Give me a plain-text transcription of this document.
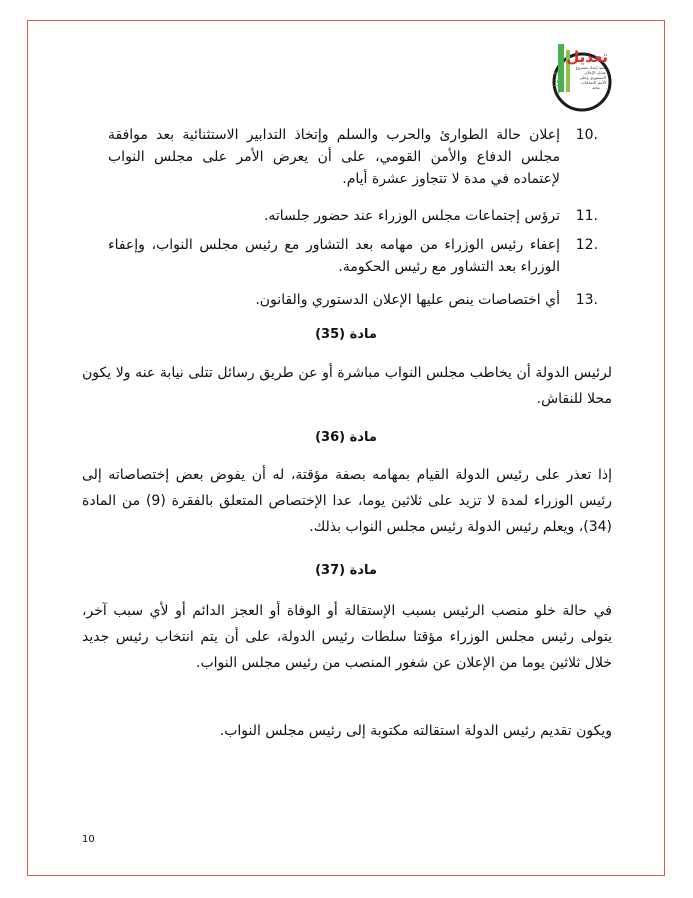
تعديل
انتخاب
لجنة إعداد مشروع
تعديل الإعلان
الدستوري وعلى
الأمم الانتخابات
عامة
10.
إعلان حالة الطوارئ والحرب والسلم وإتخاذ التدابير الاستثنائية بعد موافقة مجلس الدفاع والأمن القومي، على أن يعرض الأمر على مجلس النواب لإعتماده في مدة لا تتجاوز عشرة أيام.
11.
ترؤس إجتماعات مجلس الوزراء عند حضور جلساته.
12.
إعفاء رئيس الوزراء من مهامه بعد التشاور مع رئيس مجلس النواب، وإعفاء الوزراء بعد التشاور مع رئيس الحكومة.
13.
أي اختصاصات ينص عليها الإعلان الدستوري والقانون.
مادة (35)
لرئيس الدولة أن يخاطب مجلس النواب مباشرة أو عن طريق رسائل تتلى نيابة عنه ولا يكون محلا للنقاش.
مادة (36)
إذا تعذر على رئيس الدولة القيام بمهامه بصفة مؤقتة، له أن يفوض بعض إختصاصاته إلى رئيس الوزراء لمدة لا تزيد على ثلاثين يوما، عدا الإختصاص المتعلق بالفقرة (9) من المادة (34)، ويعلم رئيس الدولة رئيس مجلس النواب بذلك.
مادة (37)
في حالة خلو منصب الرئيس بسبب الإستقالة أو الوفاة أو العجز الدائم أو لأي سبب آخر، يتولى رئيس مجلس الوزراء مؤقتا سلطات رئيس الدولة، على أن يتم انتخاب رئيس جديد خلال ثلاثين يوما من الإعلان عن شغور المنصب من رئيس مجلس النواب.
ويكون تقديم رئيس الدولة استقالته مكتوبة إلى رئيس مجلس النواب.
10
